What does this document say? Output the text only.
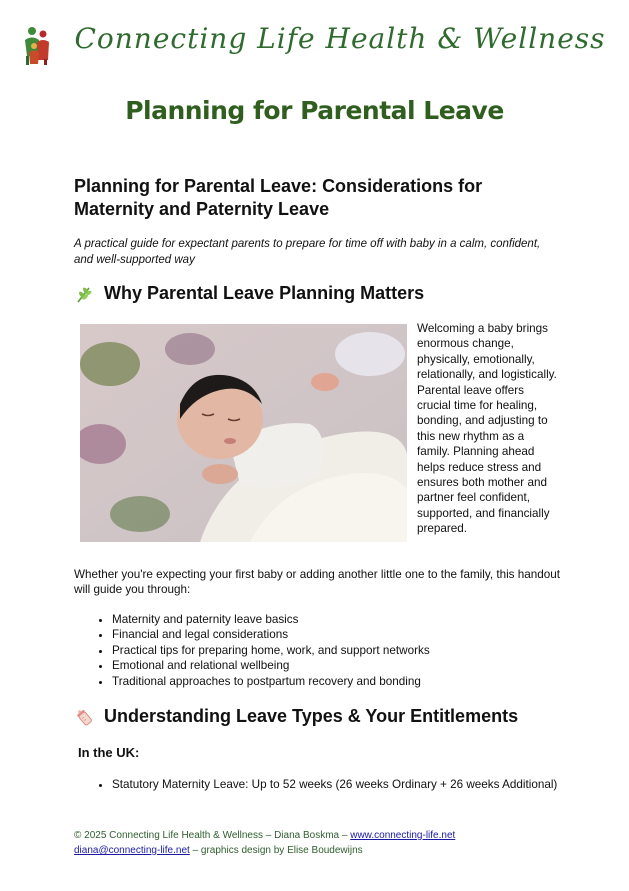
Connecting Life Health & Wellness
Planning for Parental Leave
Planning for Parental Leave: Considerations for Maternity and Paternity Leave
A practical guide for expectant parents to prepare for time off with baby in a calm, confident, and well-supported way
Why Parental Leave Planning Matters
Welcoming a baby brings enormous change, physically, emotionally, relationally, and logistically. Parental leave offers crucial time for healing, bonding, and adjusting to this new rhythm as a family. Planning ahead helps reduce stress and ensures both mother and partner feel confident, supported, and financially prepared.
Whether you're expecting your first baby or adding another little one to the family, this handout will guide you through:
• Maternity and paternity leave basics
• Financial and legal considerations
• Practical tips for preparing home, work, and support networks
• Emotional and relational wellbeing
• Traditional approaches to postpartum recovery and bonding
Understanding Leave Types & Your Entitlements
In the UK:
• Statutory Maternity Leave: Up to 52 weeks (26 weeks Ordinary + 26 weeks Additional)
© 2025 Connecting Life Health & Wellness – Diana Boskma – www.connecting-life.net
diana@connecting-life.net – graphics design by Elise Boudewijns
